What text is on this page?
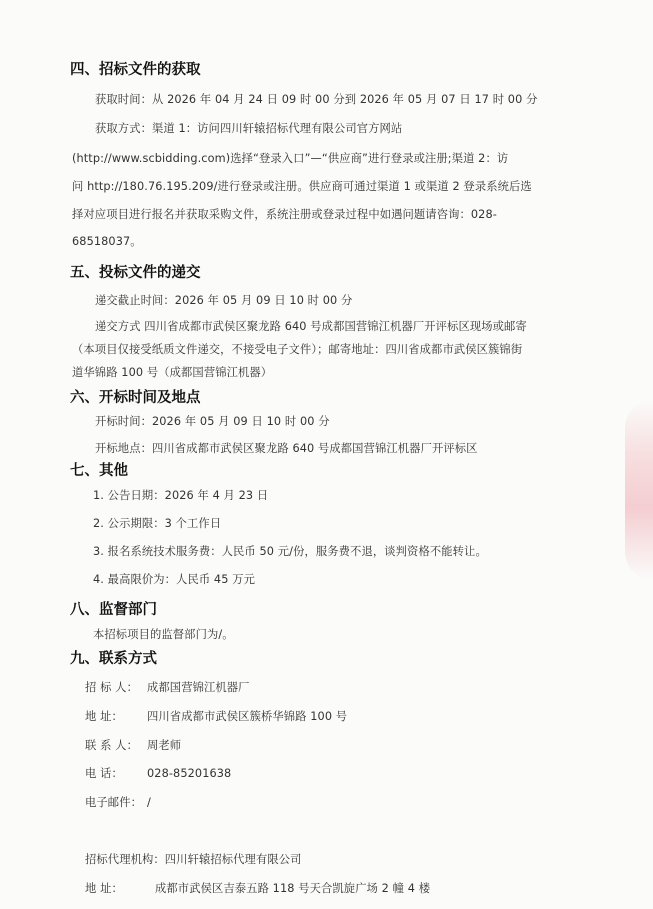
四、招标文件的获取
获取时间：从 2026 年 04 月 24 日 09 时 00 分到 2026 年 05 月 07 日 17 时 00 分
获取方式：渠道 1：访问四川轩辕招标代理有限公司官方网站
(http://www.scbidding.com)选择“登录入口”—“供应商”进行登录或注册;渠道 2：访
问 http://180.76.195.209/进行登录或注册。供应商可通过渠道 1 或渠道 2 登录系统后选
择对应项目进行报名并获取采购文件，系统注册或登录过程中如遇问题请咨询：028-
68518037。
五、投标文件的递交
递交截止时间：2026 年 05 月 09 日 10 时 00 分
递交方式 四川省成都市武侯区聚龙路 640 号成都国营锦江机器厂开评标区现场或邮寄
（本项目仅接受纸质文件递交，不接受电子文件）；邮寄地址：四川省成都市武侯区簇锦街
道华锦路 100 号（成都国营锦江机器）
六、开标时间及地点
开标时间：2026 年 05 月 09 日 10 时 00 分
开标地点：四川省成都市武侯区聚龙路 640 号成都国营锦江机器厂开评标区
七、其他
1. 公告日期：2026 年 4 月 23 日
2. 公示期限：3 个工作日
3. 报名系统技术服务费：人民币 50 元/份，服务费不退，谈判资格不能转让。
4. 最高限价为：人民币 45 万元
八、监督部门
本招标项目的监督部门为/。
九、联系方式
招 标 人： 成都国营锦江机器厂
地 址： 四川省成都市武侯区簇桥华锦路 100 号
联 系 人： 周老师
电 话： 028-85201638
电子邮件： /
招标代理机构：四川轩辕招标代理有限公司
地 址：	成都市武侯区吉泰五路 118 号天合凯旋广场 2 幢 4 楼
